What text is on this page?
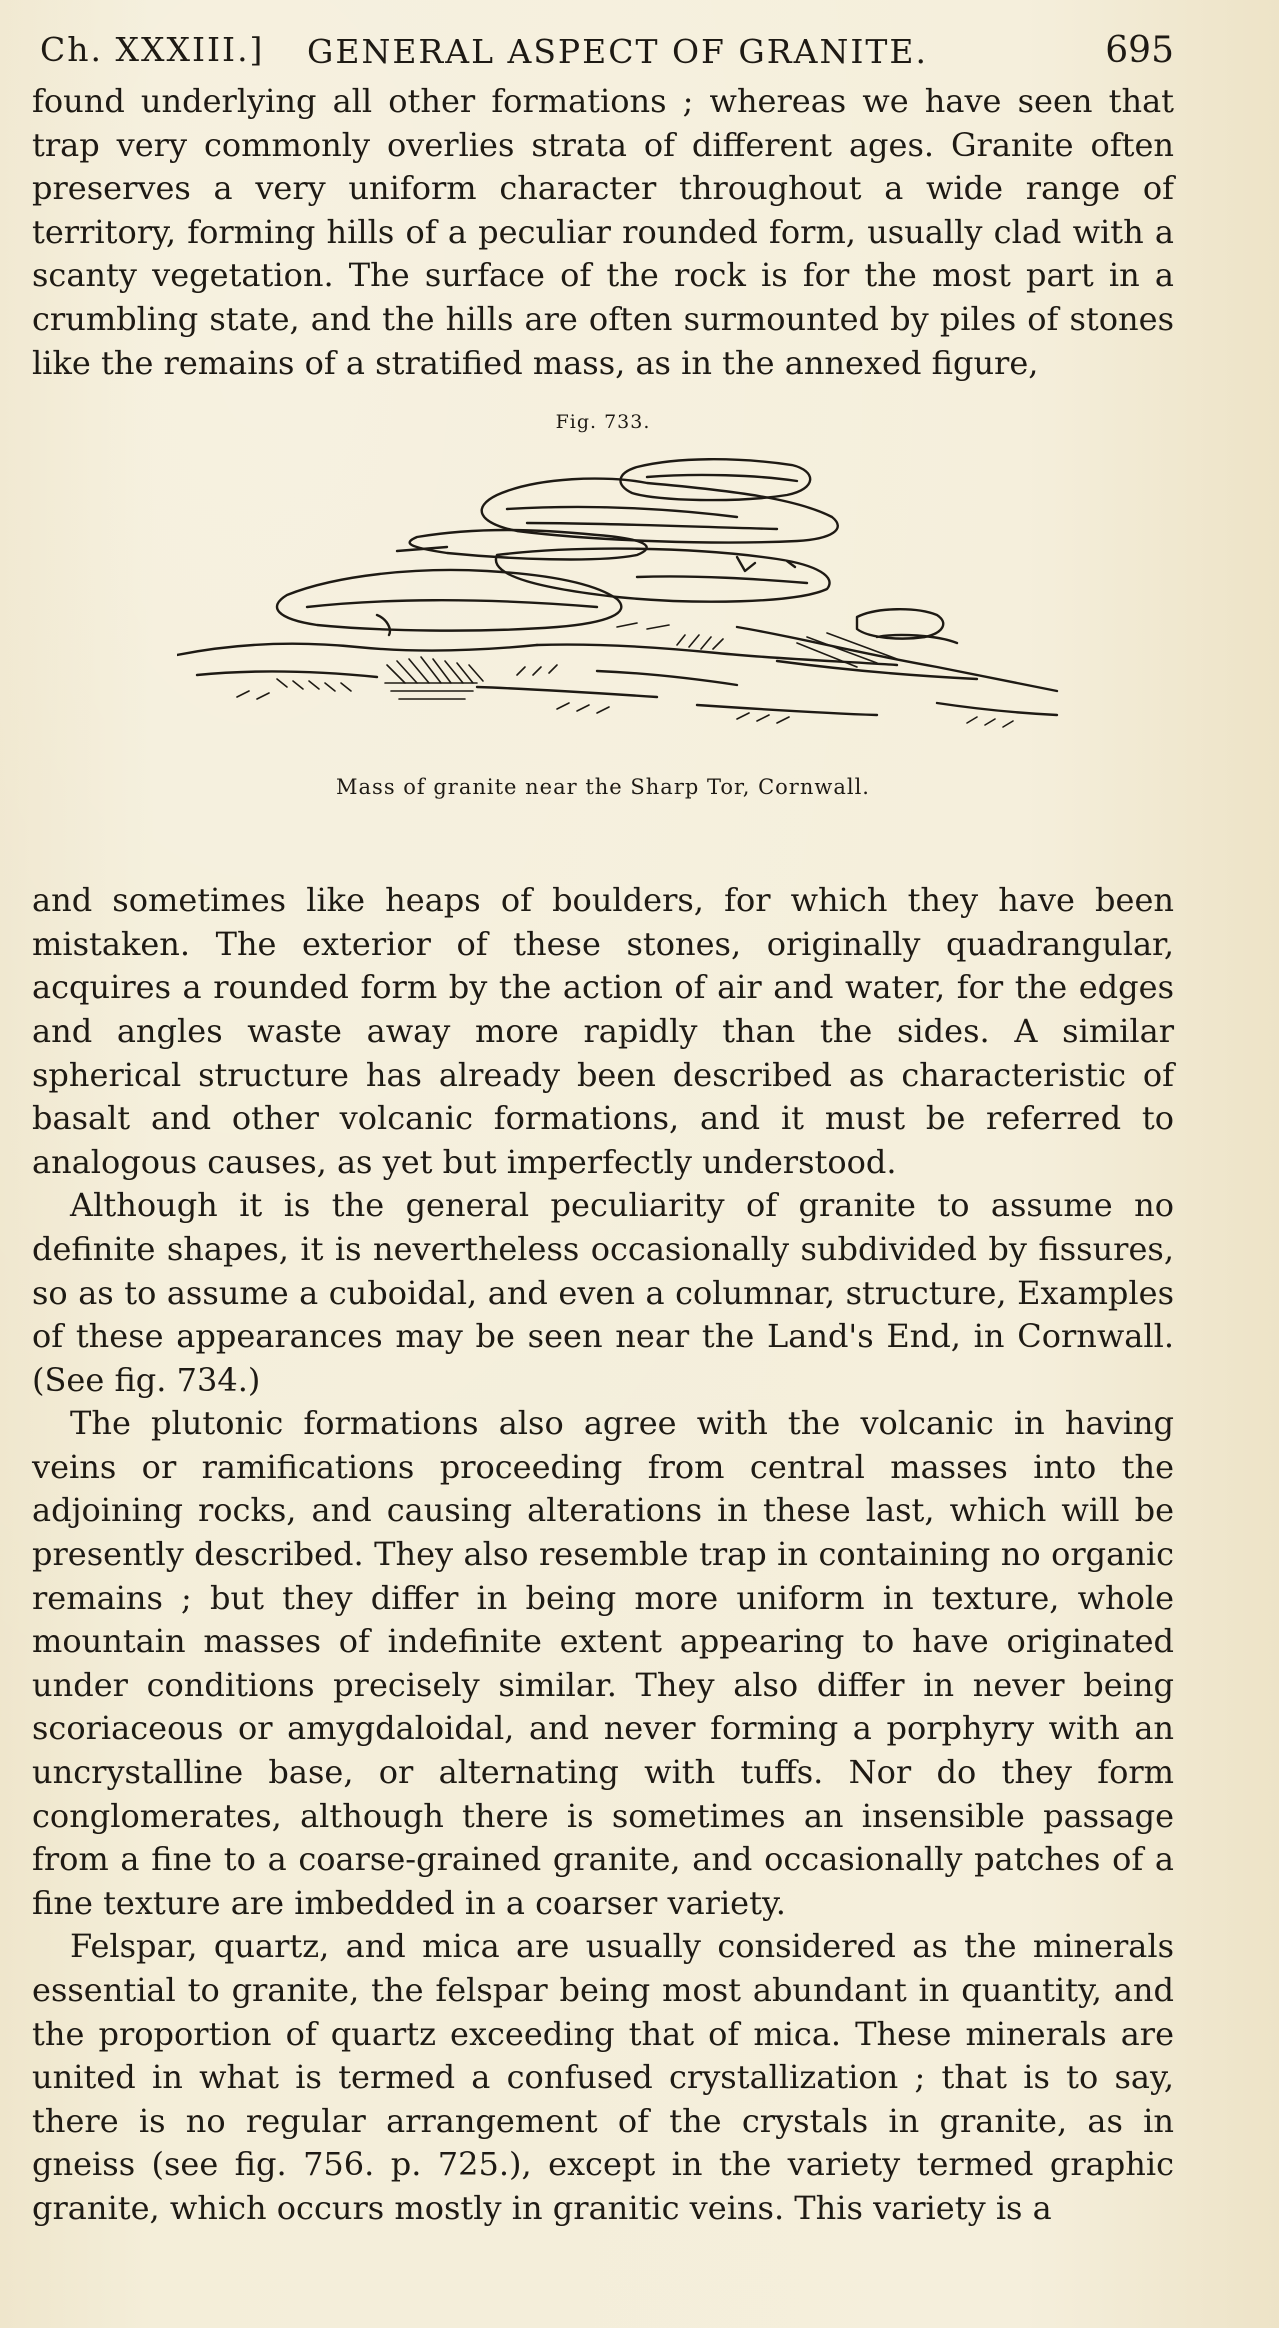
Ch. XXXIII.] GENERAL ASPECT OF GRANITE.	695

found underlying all other formations ; whereas we have seen that trap very commonly overlies strata of different ages. Granite often preserves a very uniform character throughout a wide range of territory, forming hills of a peculiar rounded form, usually clad with a scanty vegetation. The surface of the rock is for the most part in a crumbling state, and the hills are often surmounted by piles of stones like the remains of a stratified mass, as in the annexed figure,

Fig. 733.
Mass of granite near the Sharp Tor, Cornwall.

and sometimes like heaps of boulders, for which they have been mistaken. The exterior of these stones, originally quadrangular, acquires a rounded form by the action of air and water, for the edges and angles waste away more rapidly than the sides. A similar spherical structure has already been described as characteristic of basalt and other volcanic formations, and it must be referred to analogous causes, as yet but imperfectly understood.

Although it is the general peculiarity of granite to assume no definite shapes, it is nevertheless occasionally subdivided by fissures, so as to assume a cuboidal, and even a columnar, structure, Examples of these appearances may be seen near the Land's End, in Cornwall. (See fig. 734.)

The plutonic formations also agree with the volcanic in having veins or ramifications proceeding from central masses into the adjoining rocks, and causing alterations in these last, which will be presently described. They also resemble trap in containing no organic remains ; but they differ in being more uniform in texture, whole mountain masses of indefinite extent appearing to have originated under conditions precisely similar. They also differ in never being scoriaceous or amygdaloidal, and never forming a porphyry with an uncrystalline base, or alternating with tuffs. Nor do they form conglomerates, although there is sometimes an insensible passage from a fine to a coarse-grained granite, and occasionally patches of a fine texture are imbedded in a coarser variety.

Felspar, quartz, and mica are usually considered as the minerals essential to granite, the felspar being most abundant in quantity, and the proportion of quartz exceeding that of mica. These minerals are united in what is termed a confused crystallization ; that is to say, there is no regular arrangement of the crystals in granite, as in gneiss (see fig. 756. p. 725.), except in the variety termed graphic granite, which occurs mostly in granitic veins. This variety is a
